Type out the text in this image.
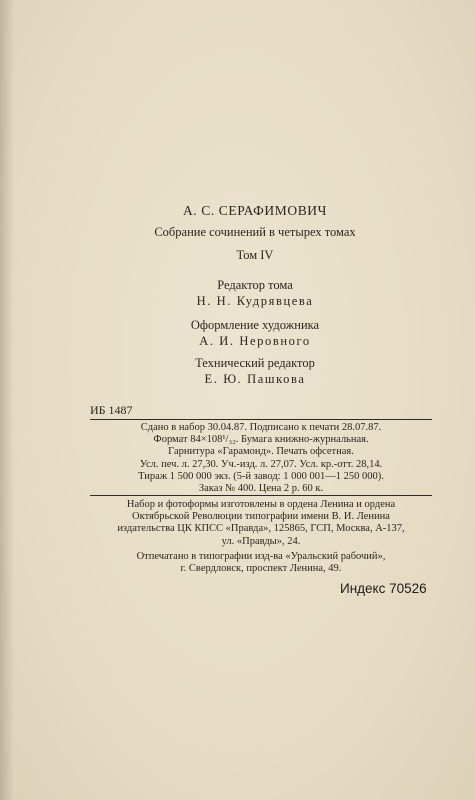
А. С. СЕРАФИМОВИЧ
Собрание сочинений в четырех томах
Том IV
Редактор тома
Н. Н. Кудрявцева
Оформление художника
А. И. Неровного
Технический редактор
Е. Ю. Пашкова
ИБ 1487
Сдано в набор 30.04.87. Подписано к печати 28.07.87.
Формат 84×108¹/₃₂. Бумага книжно-журнальная.
Гарнитура «Гарамонд». Печать офсетная.
Усл. печ. л. 27,30. Уч.-изд. л. 27,07. Усл. кр.-отт. 28,14.
Тираж 1 500 000 экз. (5-й завод: 1 000 001—1 250 000).
Заказ № 400. Цена 2 р. 60 к.
Набор и фотоформы изготовлены в ордена Ленина и ордена
Октябрьской Революции типографии имени В. И. Ленина
издательства ЦК КПСС «Правда», 125865, ГСП, Москва, А-137,
ул. «Правды», 24.
Отпечатано в типографии изд-ва «Уральский рабочий»,
г. Свердловск, проспект Ленина, 49.
Индекс 70526
